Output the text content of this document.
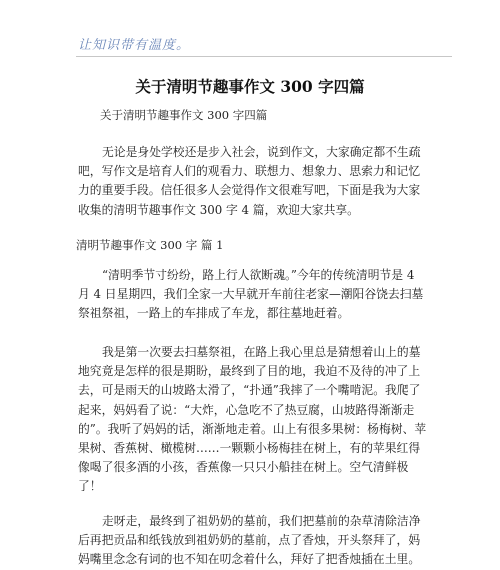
让知识带有温度。
关于清明节趣事作文 300 字四篇
关于清明节趣事作文 300 字四篇
无论是身处学校还是步入社会，说到作文，大家确定都不生疏
吧，写作文是培育人们的观看力、联想力、想象力、思索力和记忆
力的重要手段。信任很多人会觉得作文很难写吧，下面是我为大家
收集的清明节趣事作文 300 字 4 篇，欢迎大家共享。
清明节趣事作文 300 字 篇 1
“清明季节寸纷纷，路上行人欲断魂。”今年的传统清明节是 4
月 4 日星期四，我们全家一大早就开车前往老家—潮阳谷饶去扫墓
祭祖祭祖，一路上的车排成了车龙，都往墓地赶着。
我是第一次要去扫墓祭祖，在路上我心里总是猜想着山上的墓
地究竟是怎样的很是期盼，最终到了目的地，我迫不及待的冲了上
去，可是雨天的山坡路太滑了，“扑通”我摔了一个嘴啃泥。我爬了
起来，妈妈看了说：“大炸，心急吃不了热豆腐，山坡路得渐渐走
的”。我听了妈妈的话，渐渐地走着。山上有很多果树：杨梅树、苹
果树、香蕉树、橄榄树……一颗颗小杨梅挂在树上，有的苹果红得
像喝了很多酒的小孩，香蕉像一只只小船挂在树上。空气清鲜极
了！
走呀走，最终到了祖奶奶的墓前，我们把墓前的杂草清除洁净
后再把贡品和纸钱放到祖奶奶的墓前，点了香烛，开头祭拜了，妈
妈嘴里念念有词的也不知在叨念着什么，拜好了把香烛插在土里。
